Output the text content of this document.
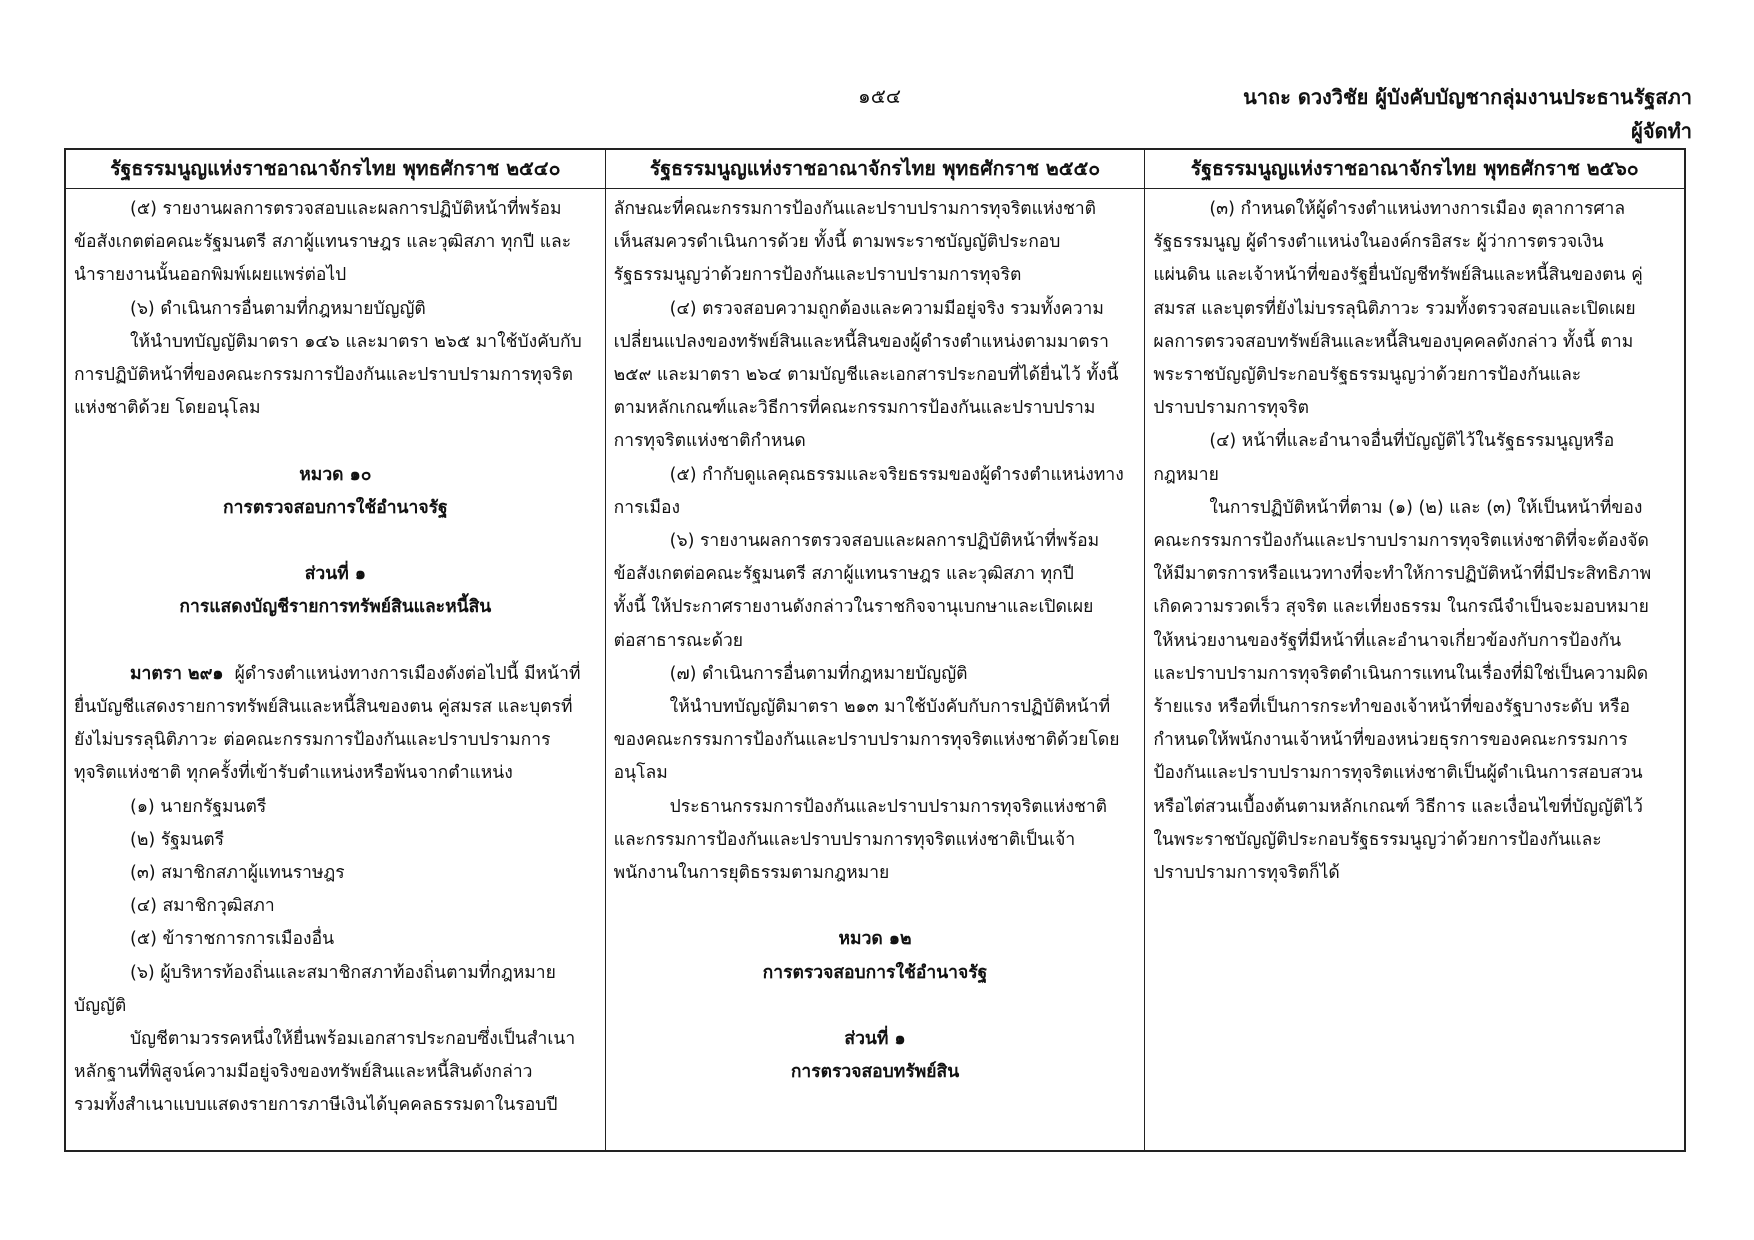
๑๕๔	นาถะ ดวงวิชัย ผู้บังคับบัญชากลุ่มงานประธานรัฐสภา
ผู้จัดทำ
รัฐธรรมนูญแห่งราชอาณาจักรไทย พุทธศักราช ๒๕๔๐

(๕) รายงานผลการตรวจสอบและผลการปฏิบัติหน้าที่พร้อม

ข้อสังเกตต่อคณะรัฐมนตรี สภาผู้แทนราษฎร และวุฒิสภา ทุกปี และ

นำรายงานนั้นออกพิมพ์เผยแพร่ต่อไป

(๖) ดำเนินการอื่นตามที่กฎหมายบัญญัติ

ให้นำบทบัญญัติมาตรา ๑๔๖ และมาตรา ๒๖๕ มาใช้บังคับกับ

การปฏิบัติหน้าที่ของคณะกรรมการป้องกันและปราบปรามการทุจริต

แห่งชาติด้วย โดยอนุโลม

หมวด ๑๐

การตรวจสอบการใช้อำนาจรัฐ

ส่วนที่ ๑

การแสดงบัญชีรายการทรัพย์สินและหนี้สิน

มาตรา ๒๙๑ ผู้ดำรงตำแหน่งทางการเมืองดังต่อไปนี้ มีหน้าที่

ยื่นบัญชีแสดงรายการทรัพย์สินและหนี้สินของตน คู่สมรส และบุตรที่

ยังไม่บรรลุนิติภาวะ ต่อคณะกรรมการป้องกันและปราบปรามการ

ทุจริตแห่งชาติ ทุกครั้งที่เข้ารับตำแหน่งหรือพ้นจากตำแหน่ง

(๑) นายกรัฐมนตรี

(๒) รัฐมนตรี

(๓) สมาชิกสภาผู้แทนราษฎร

(๔) สมาชิกวุฒิสภา

(๕) ข้าราชการการเมืองอื่น

(๖) ผู้บริหารท้องถิ่นและสมาชิกสภาท้องถิ่นตามที่กฎหมาย

บัญญัติ

บัญชีตามวรรคหนึ่งให้ยื่นพร้อมเอกสารประกอบซึ่งเป็นสำเนา

หลักฐานที่พิสูจน์ความมีอยู่จริงของทรัพย์สินและหนี้สินดังกล่าว

รวมทั้งสำเนาแบบแสดงรายการภาษีเงินได้บุคคลธรรมดาในรอบปี

รัฐธรรมนูญแห่งราชอาณาจักรไทย พุทธศักราช ๒๕๕๐

ลักษณะที่คณะกรรมการป้องกันและปราบปรามการทุจริตแห่งชาติ

เห็นสมควรดำเนินการด้วย ทั้งนี้ ตามพระราชบัญญัติประกอบ

รัฐธรรมนูญว่าด้วยการป้องกันและปราบปรามการทุจริต

(๔) ตรวจสอบความถูกต้องและความมีอยู่จริง รวมทั้งความ

เปลี่ยนแปลงของทรัพย์สินและหนี้สินของผู้ดำรงตำแหน่งตามมาตรา

๒๕๙ และมาตรา ๒๖๔ ตามบัญชีและเอกสารประกอบที่ได้ยื่นไว้ ทั้งนี้

ตามหลักเกณฑ์และวิธีการที่คณะกรรมการป้องกันและปราบปราม

การทุจริตแห่งชาติกำหนด

(๕) กำกับดูแลคุณธรรมและจริยธรรมของผู้ดำรงตำแหน่งทาง

การเมือง

(๖) รายงานผลการตรวจสอบและผลการปฏิบัติหน้าที่พร้อม

ข้อสังเกตต่อคณะรัฐมนตรี สภาผู้แทนราษฎร และวุฒิสภา ทุกปี

ทั้งนี้ ให้ประกาศรายงานดังกล่าวในราชกิจจานุเบกษาและเปิดเผย

ต่อสาธารณะด้วย

(๗) ดำเนินการอื่นตามที่กฎหมายบัญญัติ

ให้นำบทบัญญัติมาตรา ๒๑๓ มาใช้บังคับกับการปฏิบัติหน้าที่

ของคณะกรรมการป้องกันและปราบปรามการทุจริตแห่งชาติด้วยโดย

อนุโลม

ประธานกรรมการป้องกันและปราบปรามการทุจริตแห่งชาติ

และกรรมการป้องกันและปราบปรามการทุจริตแห่งชาติเป็นเจ้า

พนักงานในการยุติธรรมตามกฎหมาย

หมวด ๑๒

การตรวจสอบการใช้อำนาจรัฐ

ส่วนที่ ๑

การตรวจสอบทรัพย์สิน

รัฐธรรมนูญแห่งราชอาณาจักรไทย พุทธศักราช ๒๕๖๐

(๓) กำหนดให้ผู้ดำรงตำแหน่งทางการเมือง ตุลาการศาล

รัฐธรรมนูญ ผู้ดำรงตำแหน่งในองค์กรอิสระ ผู้ว่าการตรวจเงิน

แผ่นดิน และเจ้าหน้าที่ของรัฐยื่นบัญชีทรัพย์สินและหนี้สินของตน คู่

สมรส และบุตรที่ยังไม่บรรลุนิติภาวะ รวมทั้งตรวจสอบและเปิดเผย

ผลการตรวจสอบทรัพย์สินและหนี้สินของบุคคลดังกล่าว ทั้งนี้ ตาม

พระราชบัญญัติประกอบรัฐธรรมนูญว่าด้วยการป้องกันและ

ปราบปรามการทุจริต

(๔) หน้าที่และอำนาจอื่นที่บัญญัติไว้ในรัฐธรรมนูญหรือ

กฎหมาย

ในการปฏิบัติหน้าที่ตาม (๑) (๒) และ (๓) ให้เป็นหน้าที่ของ

คณะกรรมการป้องกันและปราบปรามการทุจริตแห่งชาติที่จะต้องจัด

ให้มีมาตรการหรือแนวทางที่จะทำให้การปฏิบัติหน้าที่มีประสิทธิภาพ

เกิดความรวดเร็ว สุจริต และเที่ยงธรรม ในกรณีจำเป็นจะมอบหมาย

ให้หน่วยงานของรัฐที่มีหน้าที่และอำนาจเกี่ยวข้องกับการป้องกัน

และปราบปรามการทุจริตดำเนินการแทนในเรื่องที่มิใช่เป็นความผิด

ร้ายแรง หรือที่เป็นการกระทำของเจ้าหน้าที่ของรัฐบางระดับ หรือ

กำหนดให้พนักงานเจ้าหน้าที่ของหน่วยธุรการของคณะกรรมการ

ป้องกันและปราบปรามการทุจริตแห่งชาติเป็นผู้ดำเนินการสอบสวน

หรือไต่สวนเบื้องต้นตามหลักเกณฑ์ วิธีการ และเงื่อนไขที่บัญญัติไว้

ในพระราชบัญญัติประกอบรัฐธรรมนูญว่าด้วยการป้องกันและ

ปราบปรามการทุจริตก็ได้
